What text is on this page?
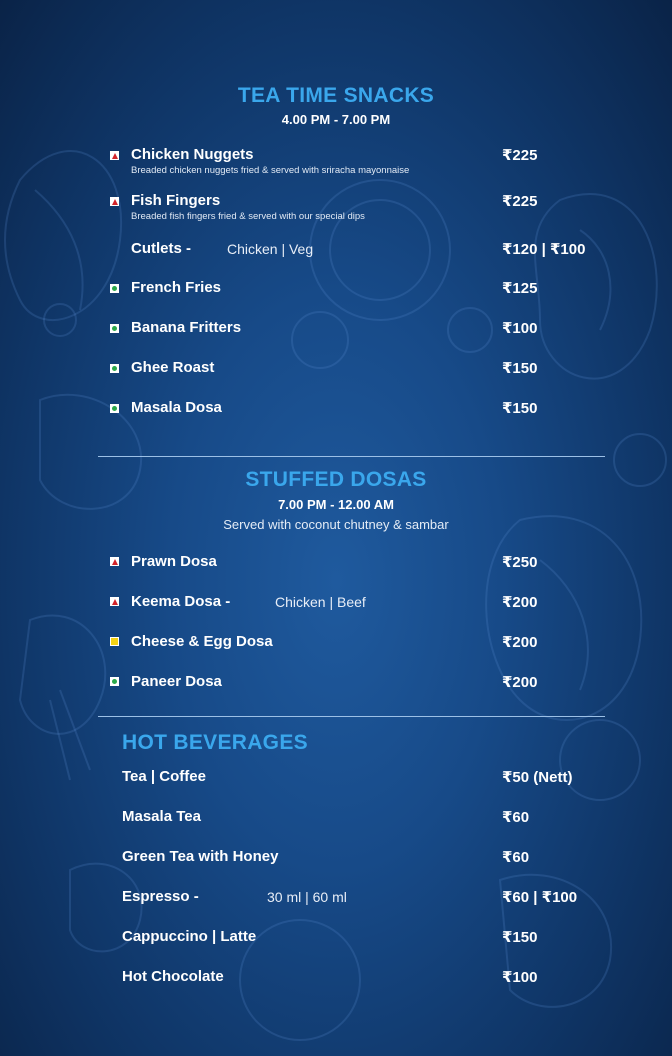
TEA TIME SNACKS
4.00 PM - 7.00 PM
Chicken Nuggets	₹225
Breaded chicken nuggets fried & served with sriracha mayonnaise
Fish Fingers	₹225
Breaded fish fingers fried & served with our special dips
Cutlets -	Chicken | Veg	₹120 | ₹100
French Fries	₹125
Banana Fritters	₹100
Ghee Roast	₹150
Masala Dosa	₹150
STUFFED DOSAS
7.00 PM - 12.00 AM
Served with coconut chutney & sambar
Prawn Dosa	₹250
Keema Dosa -	Chicken | Beef	₹200
Cheese & Egg Dosa	₹200
Paneer Dosa	₹200
HOT BEVERAGES
Tea | Coffee	₹50 (Nett)
Masala Tea	₹60
Green Tea with Honey	₹60
Espresso -	30 ml | 60 ml	₹60 | ₹100
Cappuccino | Latte	₹150
Hot Chocolate	₹100
